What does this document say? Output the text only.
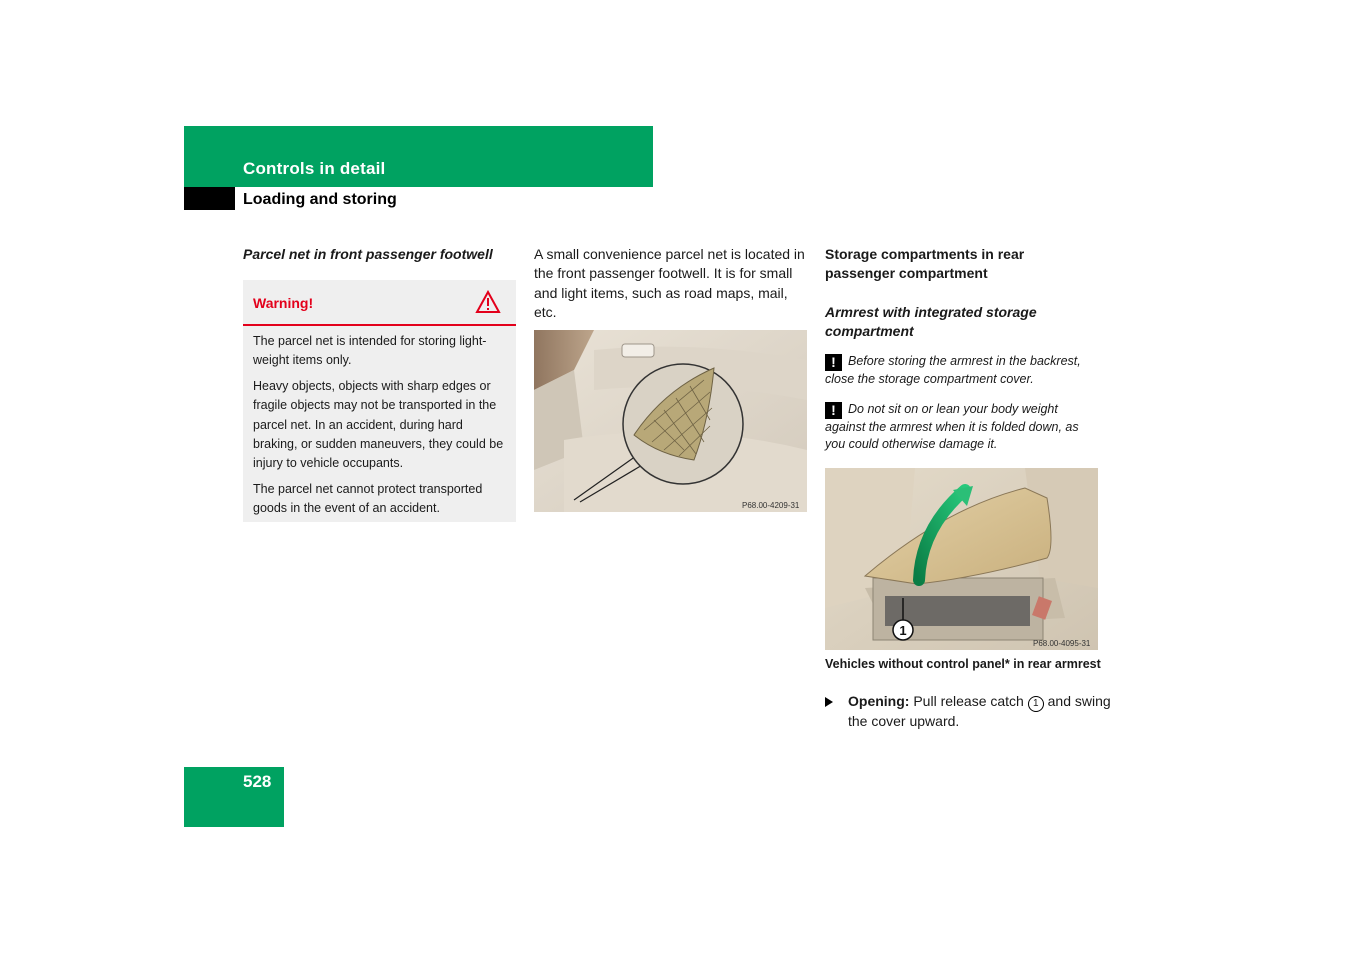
Controls in detail
Loading and storing
Parcel net in front passenger footwell
Warning!

The parcel net is intended for storing light-weight items only.

Heavy objects, objects with sharp edges or fragile objects may not be transported in the parcel net. In an accident, during hard braking, or sudden maneuvers, they could be injury to vehicle occupants.

The parcel net cannot protect transported goods in the event of an accident.

A small convenience parcel net is located in the front passenger footwell. It is for small and light items, such as road maps, mail, etc.
P68.00-4209-31
Storage compartments in rear passenger compartment
Armrest with integrated storage compartment
! Before storing the armrest in the backrest, close the storage compartment cover.
! Do not sit on or lean your body weight against the armrest when it is folded down, as you could otherwise damage it.
1
P68.00-4095-31
Vehicles without control panel* in rear armrest
Opening: Pull release catch 1 and swing the cover upward.
528
